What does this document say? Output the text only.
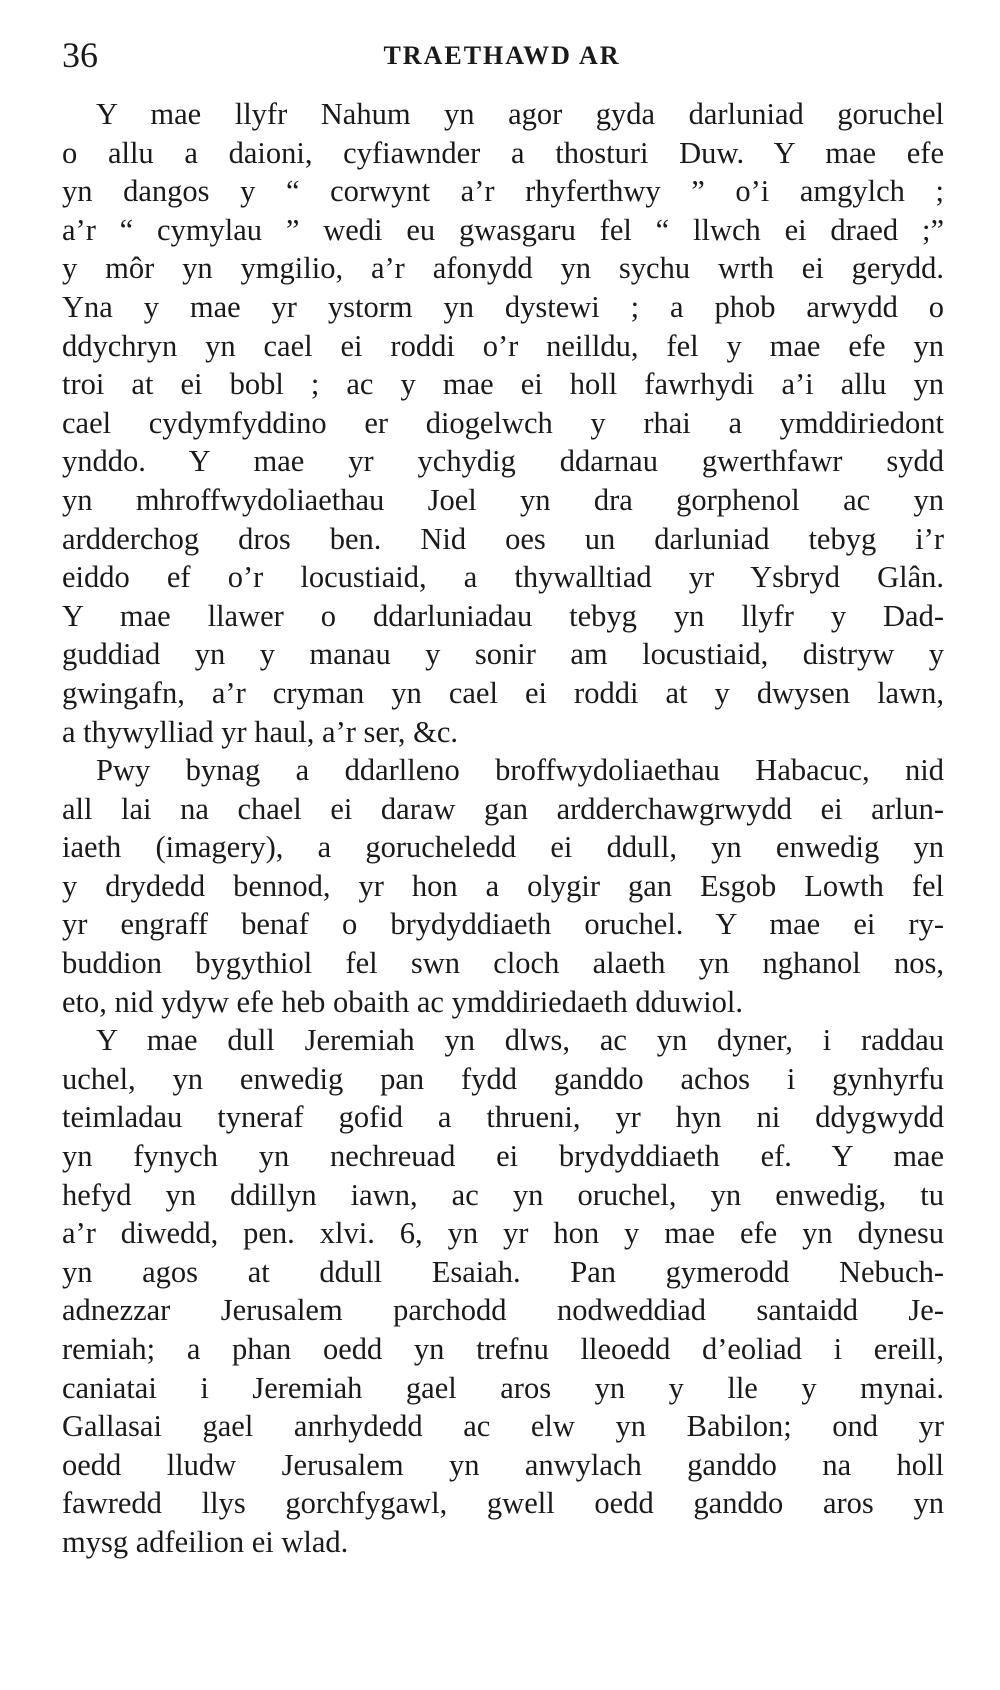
36	TRAETHAWD AR
Y mae llyfr Nahum yn agor gyda darluniad goruchel
o allu a daioni, cyfiawnder a thosturi Duw. Y mae efe
yn dangos y “ corwynt a’r rhyferthwy ” o’i amgylch ;
a’r “ cymylau ” wedi eu gwasgaru fel “ llwch ei draed ;”
y môr yn ymgilio, a’r afonydd yn sychu wrth ei gerydd.
Yna y mae yr ystorm yn dystewi ; a phob arwydd o
ddychryn yn cael ei roddi o’r neilldu, fel y mae efe yn
troi at ei bobl ; ac y mae ei holl fawrhydi a’i allu yn
cael cydymfyddino er diogelwch y rhai a ymddiriedont
ynddo. Y mae yr ychydig ddarnau gwerthfawr sydd
yn mhroffwydoliaethau Joel yn dra gorphenol ac yn
ardderchog dros ben. Nid oes un darluniad tebyg i’r
eiddo ef o’r locustiaid, a thywalltiad yr Ysbryd Glân.
Y mae llawer o ddarluniadau tebyg yn llyfr y Dad-
guddiad yn y manau y sonir am locustiaid, distryw y
gwingafn, a’r cryman yn cael ei roddi at y dwysen lawn,
a thywylliad yr haul, a’r ser, &c.
Pwy bynag a ddarlleno broffwydoliaethau Habacuc, nid
all lai na chael ei daraw gan ardderchawgrwydd ei arlun-
iaeth (imagery), a gorucheledd ei ddull, yn enwedig yn
y drydedd bennod, yr hon a olygir gan Esgob Lowth fel
yr engraff benaf o brydyddiaeth oruchel. Y mae ei ry-
buddion bygythiol fel swn cloch alaeth yn nghanol nos,
eto, nid ydyw efe heb obaith ac ymddiriedaeth dduwiol.
Y mae dull Jeremiah yn dlws, ac yn dyner, i raddau
uchel, yn enwedig pan fydd ganddo achos i gynhyrfu
teimladau tyneraf gofid a thrueni, yr hyn ni ddygwydd
yn fynych yn nechreuad ei brydyddiaeth ef. Y mae
hefyd yn ddillyn iawn, ac yn oruchel, yn enwedig, tu
a’r diwedd, pen. xlvi. 6, yn yr hon y mae efe yn dynesu
yn agos at ddull Esaiah. Pan gymerodd Nebuch-
adnezzar Jerusalem parchodd nodweddiad santaidd Je-
remiah; a phan oedd yn trefnu lleoedd d’eoliad i ereill,
caniatai i Jeremiah gael aros yn y lle y mynai.
Gallasai gael anrhydedd ac elw yn Babilon; ond yr
oedd lludw Jerusalem yn anwylach ganddo na holl
fawredd llys gorchfygawl, gwell oedd ganddo aros yn
mysg adfeilion ei wlad.
